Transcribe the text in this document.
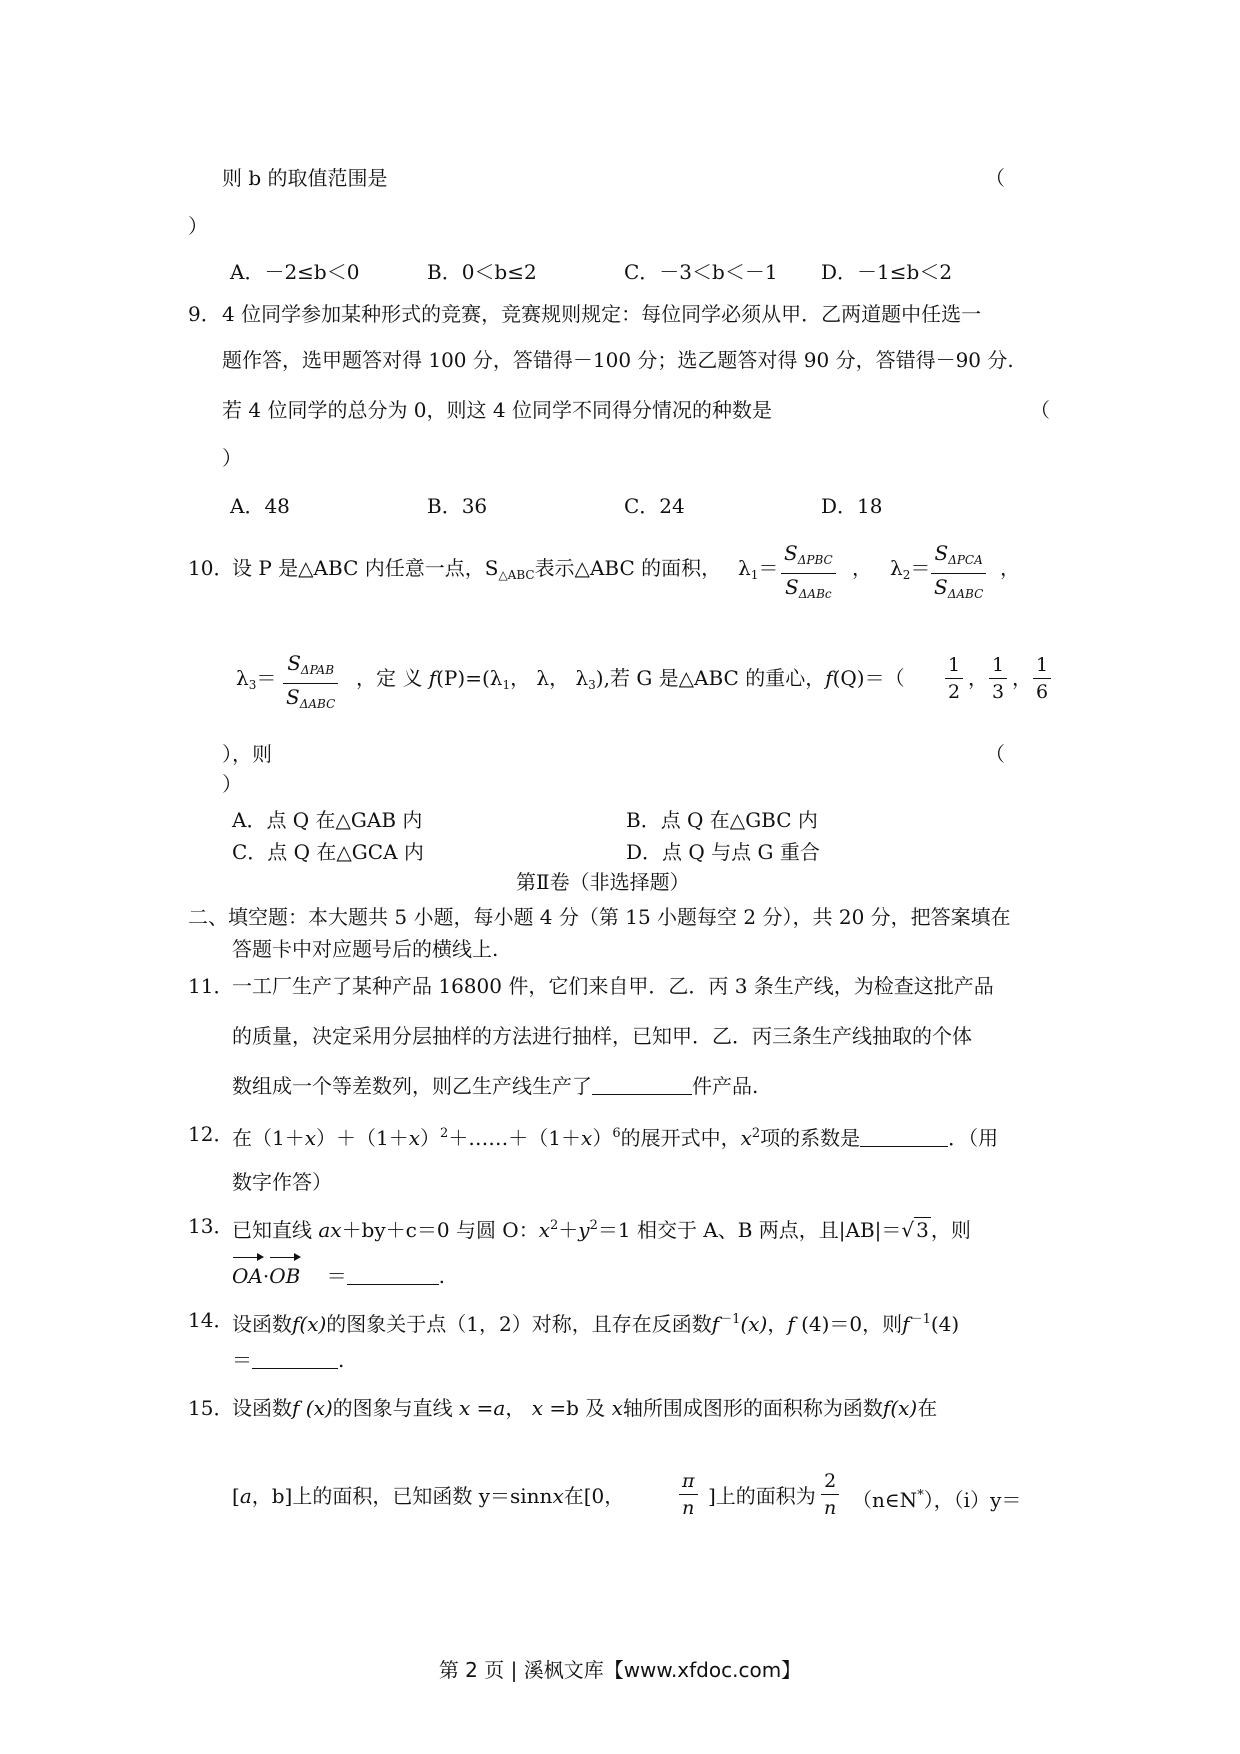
则 b 的取值范围是	（
）
A．－2≤b＜0	B．0＜b≤2	C．－3＜b＜－1 D．－1≤b＜2
9． 4 位同学参加某种形式的竞赛，竞赛规则规定：每位同学必须从甲．乙两道题中任选一
题作答，选甲题答对得 100 分，答错得－100 分；选乙题答对得 90 分，答错得－90 分.
若 4 位同学的总分为 0，则这 4 位同学不同得分情况的种数是	（
）
A．48	B．36	C．24	D．18
10．
设 P 是△ABC 内任意一点，$S_{\triangle ABC}$表示△ABC 的面积， $\lambda_1= \frac{S_{\Delta PBC}}{S_{\Delta ABc}}$ ， $\lambda_2= \frac{S_{\Delta PCA}}{S_{\Delta ABC}}$ ，
$\lambda_3= \frac{S_{\Delta PAB}}{S_{\Delta ABC}}$ ，定 义 $f(P)=(\lambda_1$， λ， $\lambda_3$),若 G 是△ABC 的重心，$f(Q)=( \frac{1}{2}$ ， $\frac{1}{3}$ ， $\frac{1}{6}$
），则	（
）
A．点 Q 在△GAB 内	B．点 Q 在△GBC 内
C．点 Q 在△GCA 内	D．点 Q 与点 G 重合
第Ⅱ卷（非选择题）
二、填空题：本大题共 5 小题，每小题 4 分（第 15 小题每空 2 分），共 20 分，把答案填在
答题卡中对应题号后的横线上.
11．
一工厂生产了某种产品 16800 件，它们来自甲．乙．丙 3 条生产线，为检查这批产品
的质量，决定采用分层抽样的方法进行抽样，已知甲．乙．丙三条生产线抽取的个体
数组成一个等差数列，则乙生产线生产了	件产品.
12．
在$(1+x)+(1+x)^2+\dots\dots+(1+x)^6$的展开式中，$x^2$项的系数是	．（用
数字作答）
13．
已知直线 ax＋by＋c＝0 与圆 O：$x^2+y^2=1$ 相交于 A、B 两点，且|AB|＝√ 3 ，则
OA·OB ＝	.
14．
设函数f(x)的图象关于点（1，2）对称，且存在反函数$f^{-1}(x)$，f (4)＝0，则$f^{-1}(4)$
＝	.
15．
设函数f (x)的图象与直线 x =a， x =b 及 x轴所围成图形的面积称为函数f(x)在
[a，b]上的面积，已知函数 y＝sinnx在[0，	$\frac{\pi}{n}$ ]上的面积为 $\frac{2}{n}$ （n∈N*），（i）y＝
第 2 页 | 溪枫文库【www.xfdoc.com】
